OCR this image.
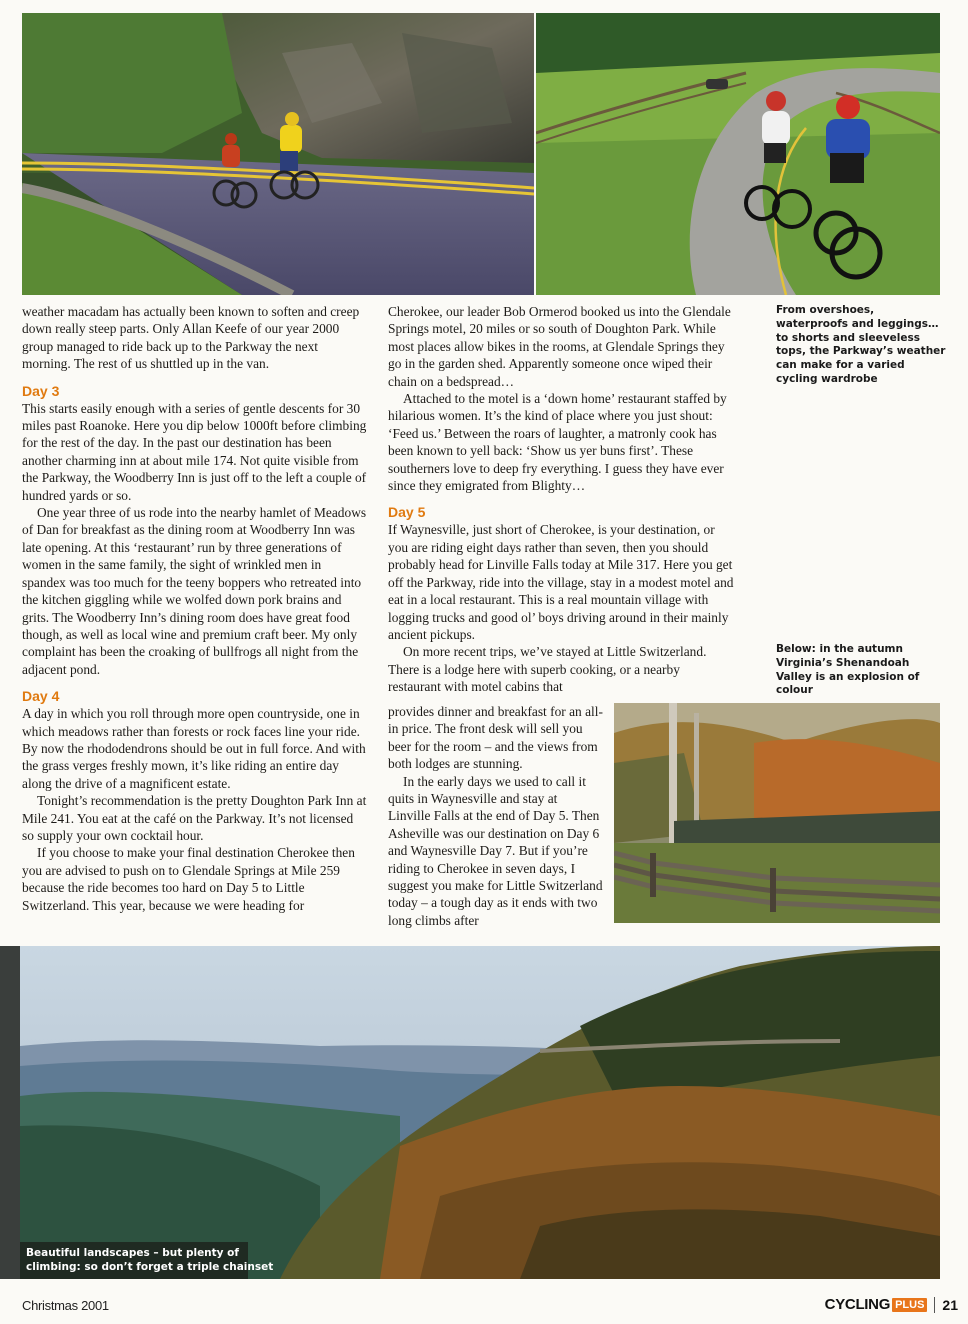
weather macadam has actually been known to soften and creep down really steep parts. Only Allan Keefe of our year 2000 group managed to ride back up to the Parkway the next morning. The rest of us shuttled up in the van.

Day 3

This starts easily enough with a series of gentle descents for 30 miles past Roanoke. Here you dip below 1000ft before climbing for the rest of the day. In the past our destination has been another charming inn at about mile 174. Not quite visible from the Parkway, the Woodberry Inn is just off to the left a couple of hundred yards or so.

One year three of us rode into the nearby hamlet of Meadows of Dan for breakfast as the dining room at Woodberry Inn was late opening. At this ‘restaurant’ run by three generations of women in the same family, the sight of wrinkled men in spandex was too much for the teeny boppers who retreated into the kitchen giggling while we wolfed down pork brains and grits. The Woodberry Inn’s dining room does have great food though, as well as local wine and premium craft beer. My only complaint has been the croaking of bullfrogs all night from the adjacent pond.

Day 4

A day in which you roll through more open countryside, one in which meadows rather than forests or rock faces line your ride. By now the rhododendrons should be out in full force. And with the grass verges freshly mown, it’s like riding an entire day along the drive of a magnificent estate.

Tonight’s recommendation is the pretty Doughton Park Inn at Mile 241. You eat at the café on the Parkway. It’s not licensed so supply your own cocktail hour.

If you choose to make your final destination Cherokee then you are advised to push on to Glendale Springs at Mile 259 because the ride becomes too hard on Day 5 to Little Switzerland. This year, because we were heading for

Cherokee, our leader Bob Ormerod booked us into the Glendale Springs motel, 20 miles or so south of Doughton Park. While most places allow bikes in the rooms, at Glendale Springs they go in the garden shed. Apparently someone once wiped their chain on a bedspread…

Attached to the motel is a ‘down home’ restaurant staffed by hilarious women. It’s the kind of place where you just shout: ‘Feed us.’ Between the roars of laughter, a matronly cook has been known to yell back: ‘Show us yer buns first’. These southerners love to deep fry everything. I guess they have ever since they emigrated from Blighty…

Day 5

If Waynesville, just short of Cherokee, is your destination, or you are riding eight days rather than seven, then you should probably head for Linville Falls today at Mile 317. Here you get off the Parkway, ride into the village, stay in a modest motel and eat in a local restaurant. This is a real mountain village with logging trucks and good ol’ boys driving around in their mainly ancient pickups.

On more recent trips, we’ve stayed at Little Switzerland. There is a lodge here with superb cooking, or a nearby restaurant with motel cabins that

provides dinner and breakfast for an all-in price. The front desk will sell you beer for the room – and the views from both lodges are stunning.

In the early days we used to call it quits in Waynesville and stay at Linville Falls at the end of Day 5. Then Asheville was our destination on Day 6 and Waynesville Day 7. But if you’re riding to Cherokee in seven days, I suggest you make for Little Switzerland today – a tough day as it ends with two long climbs after

From overshoes, waterproofs and leggings… to shorts and sleeveless tops, the Parkway’s weather can make for a varied cycling wardrobe
Below: in the autumn Virginia’s Shenandoah Valley is an explosion of colour
Beautiful landscapes – but plenty of
climbing: so don’t forget a triple chainset
Christmas 2001	CYCLING PLUS 21
